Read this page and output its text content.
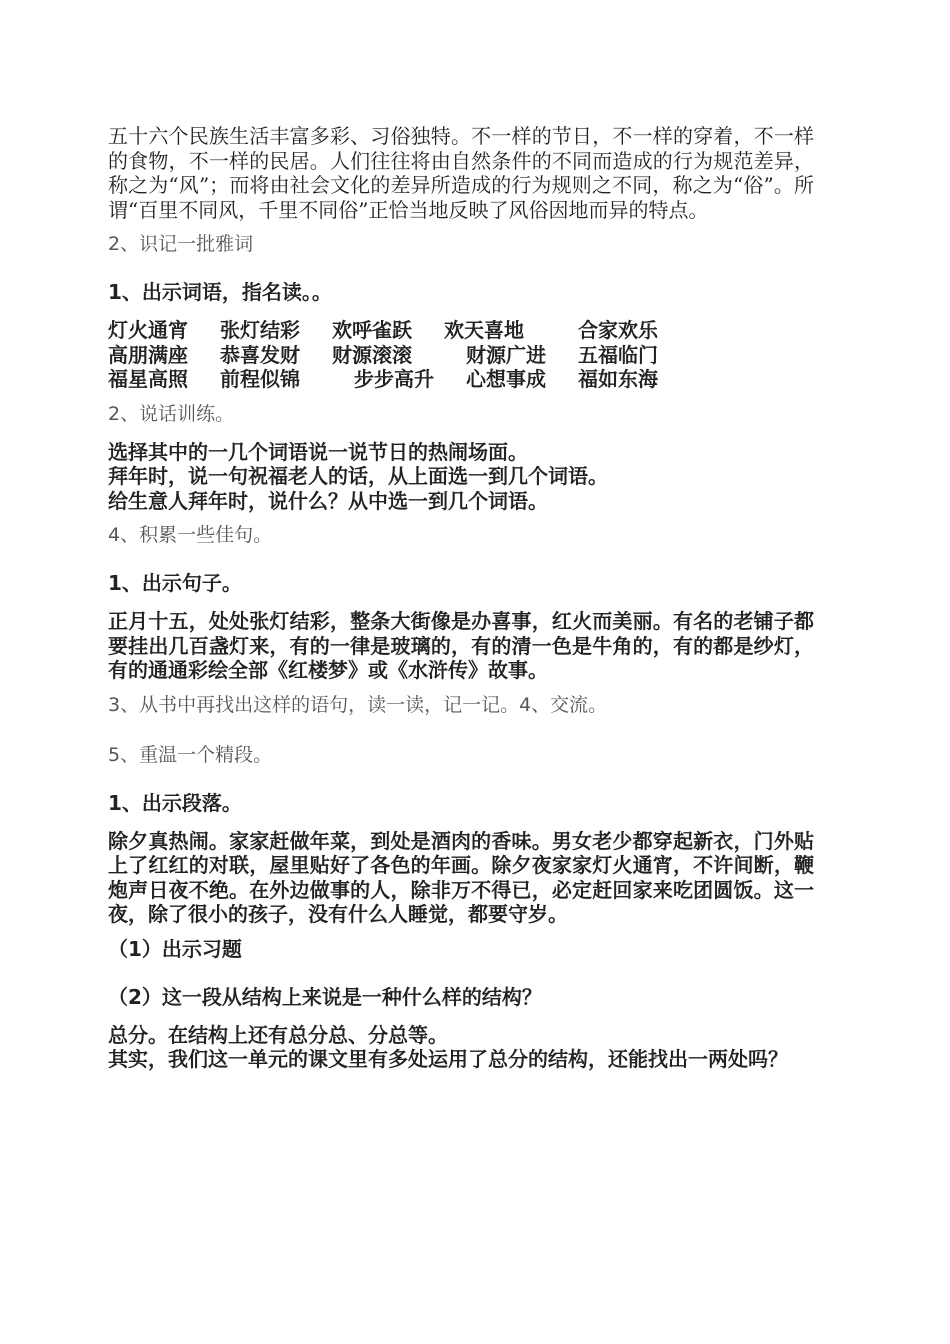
五十六个民族生活丰富多彩、习俗独特。不一样的节日，不一样的穿着，不一样的食物，不一样的民居。人们往往将由自然条件的不同而造成的行为规范差异，称之为“风”；而将由社会文化的差异所造成的行为规则之不同，称之为“俗”。所谓“百里不同风，千里不同俗”正恰当地反映了风俗因地而异的特点。

2、识记一批雅词

1、出示词语，指名读。。

灯火通宵	张灯结彩	欢呼雀跃	欢天喜地	合家欢乐
高朋满座	恭喜发财	财源滚滚	财源广进	五福临门
福星高照	前程似锦	步步高升	心想事成	福如东海

2、说话训练。

选择其中的一几个词语说一说节日的热闹场面。

拜年时，说一句祝福老人的话，从上面选一到几个词语。

给生意人拜年时，说什么？从中选一到几个词语。

4、积累一些佳句。

1、出示句子。

正月十五，处处张灯结彩，整条大街像是办喜事，红火而美丽。有名的老铺子都要挂出几百盏灯来，有的一律是玻璃的，有的清一色是牛角的，有的都是纱灯，有的通通彩绘全部《红楼梦》或《水浒传》故事。

3、从书中再找出这样的语句，读一读，记一记。4、交流。

5、重温一个精段。

1、出示段落。

除夕真热闹。家家赶做年菜，到处是酒肉的香味。男女老少都穿起新衣，门外贴上了红红的对联，屋里贴好了各色的年画。除夕夜家家灯火通宵，不许间断，鞭炮声日夜不绝。在外边做事的人，除非万不得已，必定赶回家来吃团圆饭。这一夜，除了很小的孩子，没有什么人睡觉，都要守岁。

（1）出示习题

（2）这一段从结构上来说是一种什么样的结构？

总分。在结构上还有总分总、分总等。

其实，我们这一单元的课文里有多处运用了总分的结构，还能找出一两处吗？
